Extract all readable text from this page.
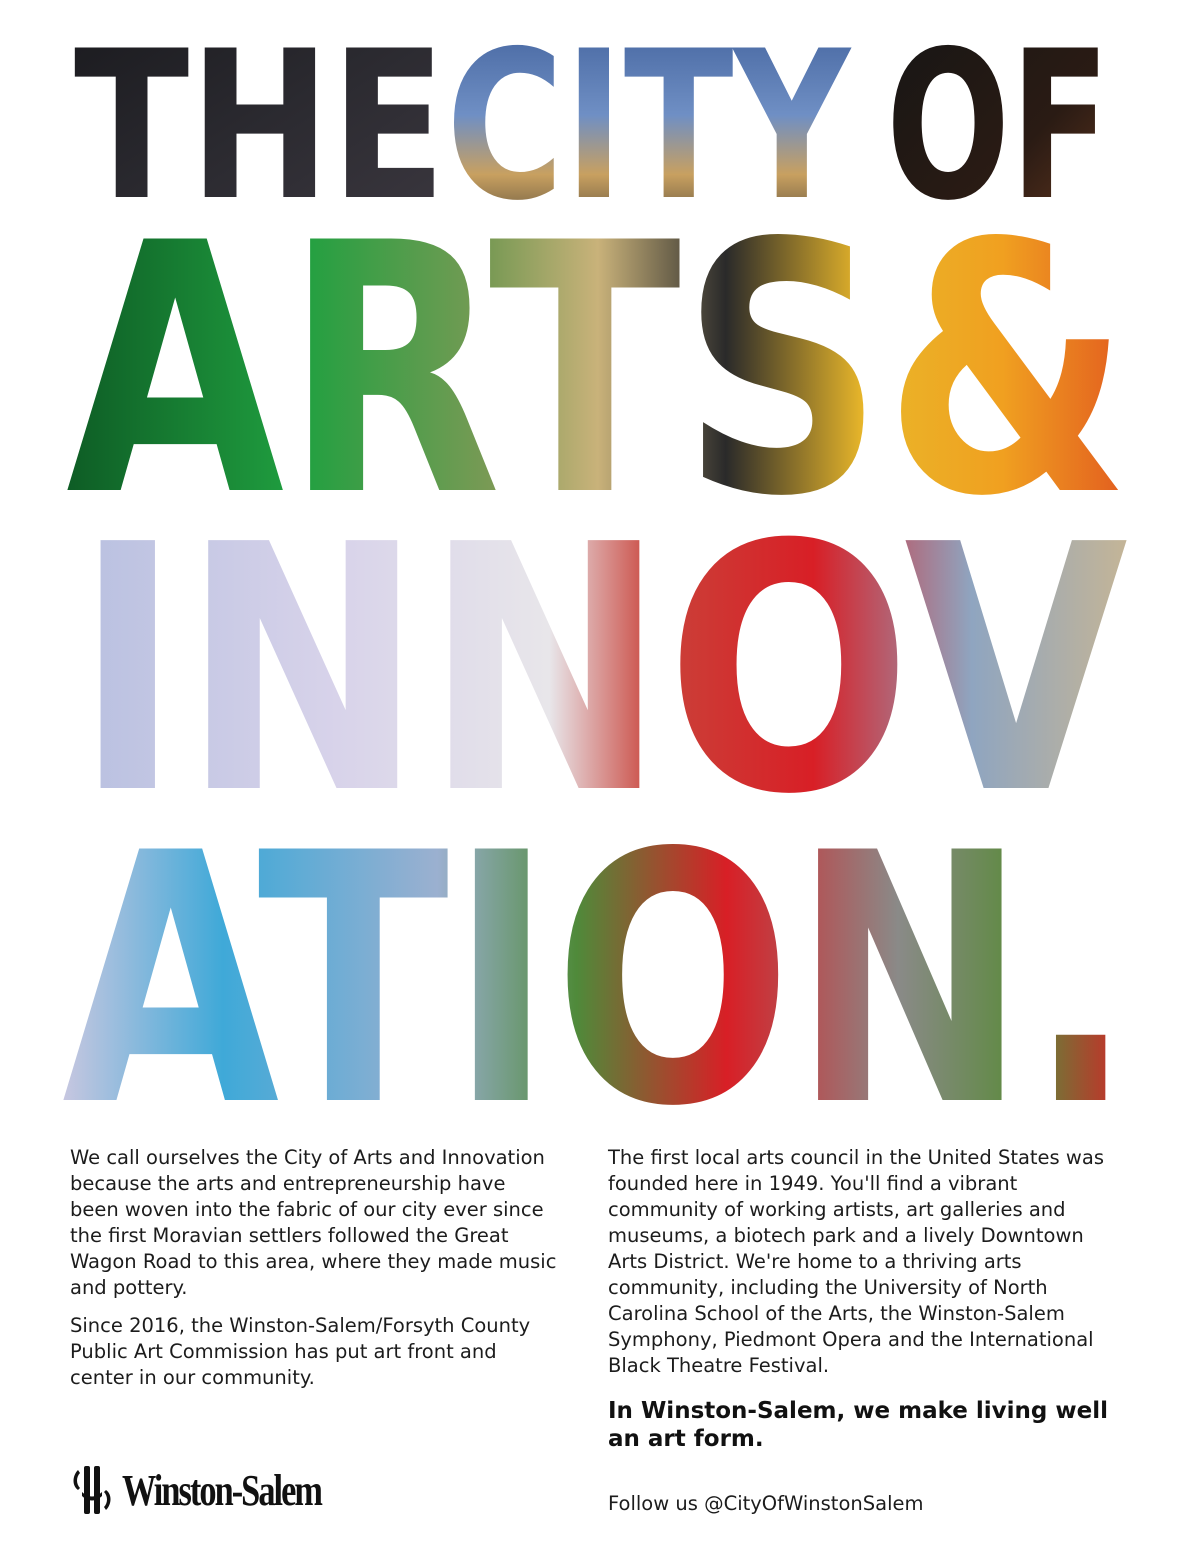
THE CITY OF
ARTS&
INNOV
ATION.

We call ourselves the City of Arts and Innovation because the arts and entrepreneurship have been woven into the fabric of our city ever since the first Moravian settlers followed the Great Wagon Road to this area, where they made music and pottery.

Since 2016, the Winston-Salem/Forsyth County Public Art Commission has put art front and center in our community.

The first local arts council in the United States was founded here in 1949. You'll find a vibrant community of working artists, art galleries and museums, a biotech park and a lively Downtown Arts District. We're home to a thriving arts community, including the University of North Carolina School of the Arts, the Winston-Salem Symphony, Piedmont Opera and the International Black Theatre Festival.

In Winston-Salem, we make living well an art form.
Winston-Salem	Follow us @CityOfWinstonSalem
